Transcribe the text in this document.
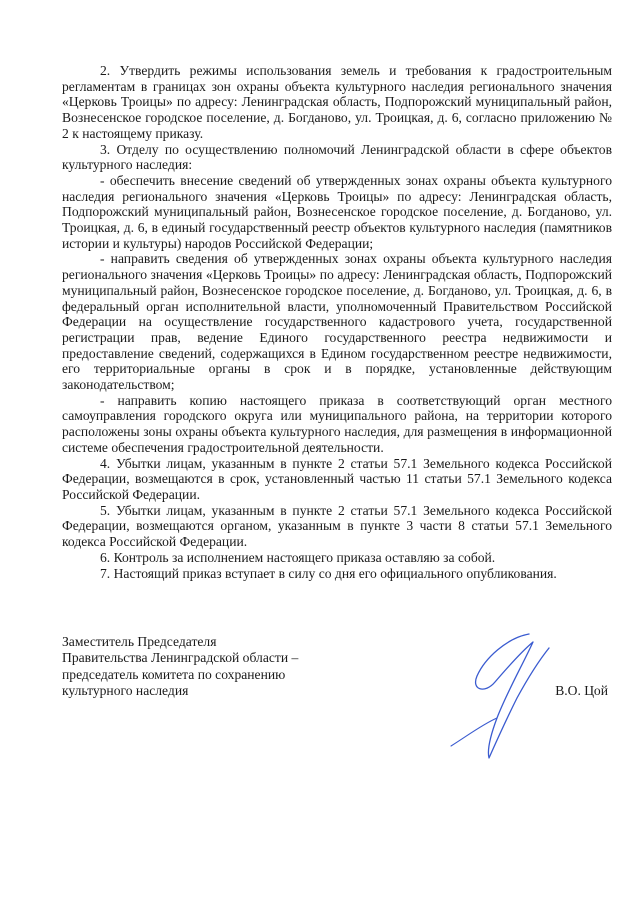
2. Утвердить режимы использования земель и требования к градостроительным регламентам в границах зон охраны объекта культурного наследия регионального значения «Церковь Троицы» по адресу: Ленинградская область, Подпорожский муниципальный район, Вознесенское городское поселение, д. Богданово, ул. Троицкая, д. 6, согласно приложению № 2 к настоящему приказу.

3. Отделу по осуществлению полномочий Ленинградской области в сфере объектов культурного наследия:

- обеспечить внесение сведений об утвержденных зонах охраны объекта культурного наследия регионального значения «Церковь Троицы» по адресу: Ленинградская область, Подпорожский муниципальный район, Вознесенское городское поселение, д. Богданово, ул. Троицкая, д. 6, в единый государственный реестр объектов культурного наследия (памятников истории и культуры) народов Российской Федерации;

- направить сведения об утвержденных зонах охраны объекта культурного наследия регионального значения «Церковь Троицы» по адресу: Ленинградская область, Подпорожский муниципальный район, Вознесенское городское поселение, д. Богданово, ул. Троицкая, д. 6, в федеральный орган исполнительной власти, уполномоченный Правительством Российской Федерации на осуществление государственного кадастрового учета, государственной регистрации прав, ведение Единого государственного реестра недвижимости и предоставление сведений, содержащихся в Едином государственном реестре недвижимости, его территориальные органы в срок и в порядке, установленные действующим законодательством;

- направить копию настоящего приказа в соответствующий орган местного самоуправления городского округа или муниципального района, на территории которого расположены зоны охраны объекта культурного наследия, для размещения в информационной системе обеспечения градостроительной деятельности.

4. Убытки лицам, указанным в пункте 2 статьи 57.1 Земельного кодекса Российской Федерации, возмещаются в срок, установленный частью 11 статьи 57.1 Земельного кодекса Российской Федерации.

5. Убытки лицам, указанным в пункте 2 статьи 57.1 Земельного кодекса Российской Федерации, возмещаются органом, указанным в пункте 3 части 8 статьи 57.1 Земельного кодекса Российской Федерации.

6. Контроль за исполнением настоящего приказа оставляю за собой.

7. Настоящий приказ вступает в силу со дня его официального опубликования.

Заместитель Председателя

Правительства Ленинградской области –

председатель комитета по сохранению

культурного наследия	В.О. Цой
